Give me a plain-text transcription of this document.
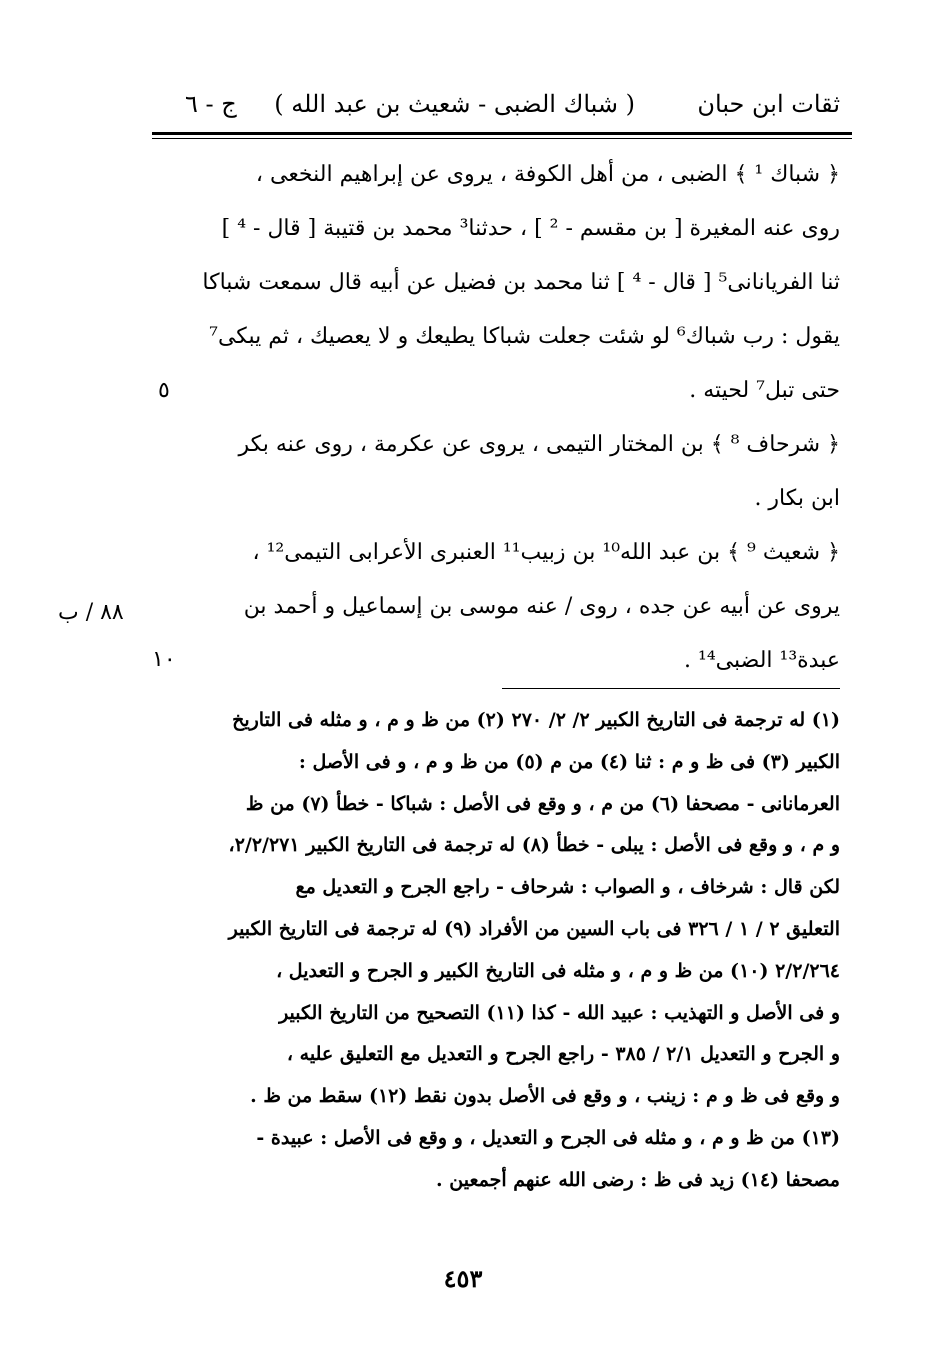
ثقات ابن حبان
( شباك الضبى - شعيث بن عبد الله )
ج - ٦
﴿ شباك ¹ ﴾ الضبى ، من أهل الكوفة ، يروى عن إبراهيم النخعى ،
روى عنه المغيرة [ بن مقسم - ² ] ، حدثنا³ محمد بن قتيبة [ قال - ⁴ ]
ثنا الفريانانى⁵ [ قال - ⁴ ] ثنا محمد بن فضيل عن أبيه قال سمعت شباكا
يقول : رب شباك⁶ لو شئت جعلت شباكا يطيعك و لا يعصيك ، ثم يبكى⁷
حتى تبل⁷ لحيته .
﴿ شرحاف ⁸ ﴾ بن المختار التيمى ، يروى عن عكرمة ، روى عنه بكر
ابن بكار .
﴿ شعيث ⁹ ﴾ بن عبد الله¹⁰ بن زبيب¹¹ العنبرى الأعرابى التيمى¹² ،
يروى عن أبيه عن جده ، روى / عنه موسى بن إسماعيل و أحمد بن
عبدة¹³ الضبى¹⁴ .
٥
٨٨ / ب
١٠
(١) له ترجمة فى التاريخ الكبير ٢/ ٢/ ٢٧٠ (٢) من ظ و م ، و مثله فى التاريخ
الكبير (٣) فى ظ و م : ثنا (٤) من م (٥) من ظ و م ، و فى الأصل :
العرمانانى - مصحفا (٦) من م ، و وقع فى الأصل : شباكا - خطأ (٧) من ظ
و م ، و وقع فى الأصل : يبلى - خطأ (٨) له ترجمة فى التاريخ الكبير ٢/٢/٢٧١،
لكن قال : شرخاف ، و الصواب : شرحاف - راجع الجرح و التعديل مع
التعليق ٢ / ١ / ٣٢٦ فى باب السين من الأفراد (٩) له ترجمة فى التاريخ الكبير
٢/٢/٢٦٤ (١٠) من ظ و م ، و مثله فى التاريخ الكبير و الجرح و التعديل ،
و فى الأصل و التهذيب : عبيد الله - كذا (١١) التصحيح من التاريخ الكبير
و الجرح و التعديل ٢/١ / ٣٨٥ - راجع الجرح و التعديل مع التعليق عليه ،
و وقع فى ظ و م : زينب ، و وقع فى الأصل بدون نقط (١٢) سقط من ظ .
(١٣) من ظ و م ، و مثله فى الجرح و التعديل ، و وقع فى الأصل : عبيدة -
مصحفا (١٤) زيد فى ظ : رضى الله عنهم أجمعين .
٤٥٣
